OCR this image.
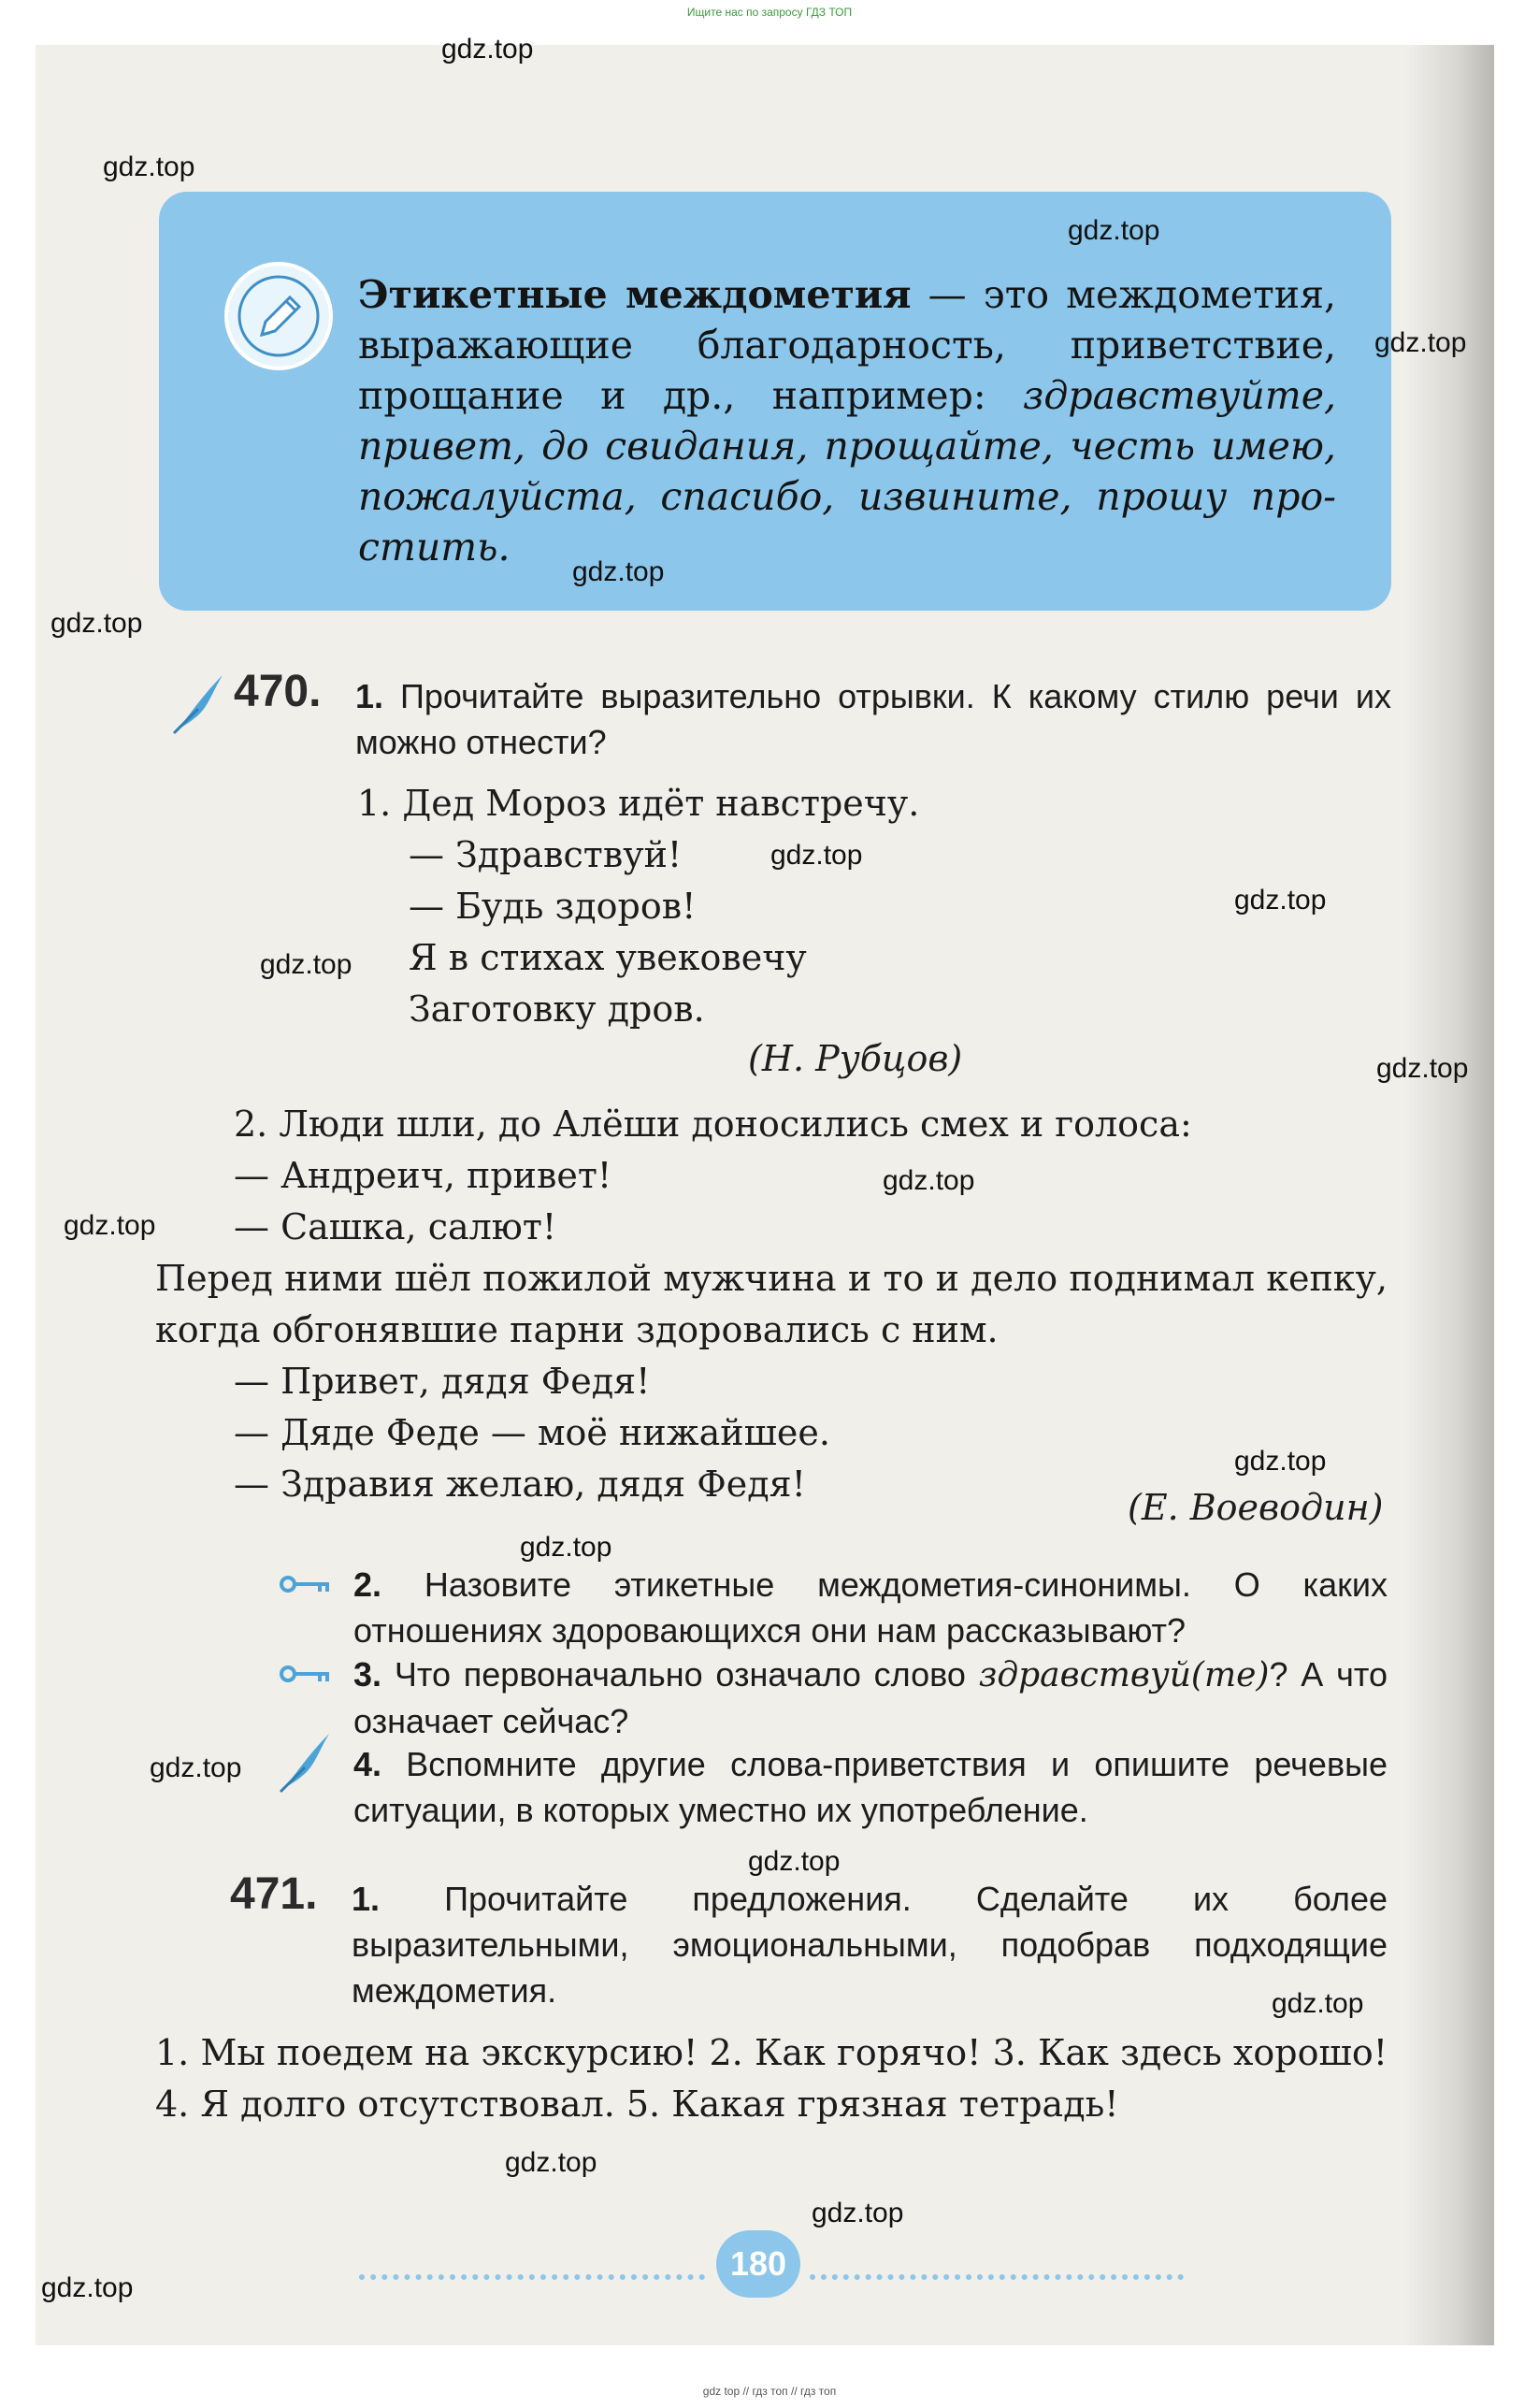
Ищите нас по запросу ГДЗ ТОП
Этикетные междометия — это междометия, выражающие благодарность, приветствие, прощание и др., например: здравствуйте, привет, до свидания, прощайте, честь имею, пожалуйста, спасибо, извините, прошу про- стить.
470. 1. Прочитайте выразительно отрывки. К какому стилю речи их можно отнести?
1. Дед Мороз идёт навстречу.
— Здравствуй!
— Будь здоров!
Я в стихах увековечу
Заготовку дров.
(Н. Рубцов)
2. Люди шли, до Алёши доносились смех и голоса:
— Андреич, привет!
— Сашка, салют!
Перед ними шёл пожилой мужчина и то и дело поднимал кепку, когда обгонявшие парни здоровались с ним.
— Привет, дядя Федя!
— Дяде Феде — моё нижайшее.
— Здравия желаю, дядя Федя!
(Е. Воеводин)
2. Назовите этикетные междометия-синонимы. О каких отношениях здоровающихся они нам рассказывают?
3. Что первоначально означало слово здравствуй(те)? А что означает сейчас?
4. Вспомните другие слова-приветствия и опишите речевые ситуации, в которых уместно их употребление.
471. 1. Прочитайте предложения. Сделайте их более выразительными, эмоциональными, подобрав подходящие междометия.
1. Мы поедем на экскурсию! 2. Как горячо! 3. Как здесь хорошо! 4. Я долго отсутствовал. 5. Какая грязная тетрадь!
180
gdz.top
gdz.top
gdz.top
gdz.top
gdz.top
gdz.top
gdz.top
gdz.top
gdz.top
gdz.top
gdz.top
gdz.top
gdz.top
gdz.top
gdz.top
gdz.top
gdz.top
gdz.top
gdz.top
gdz.top
gdz top // гдз топ // гдз топ
